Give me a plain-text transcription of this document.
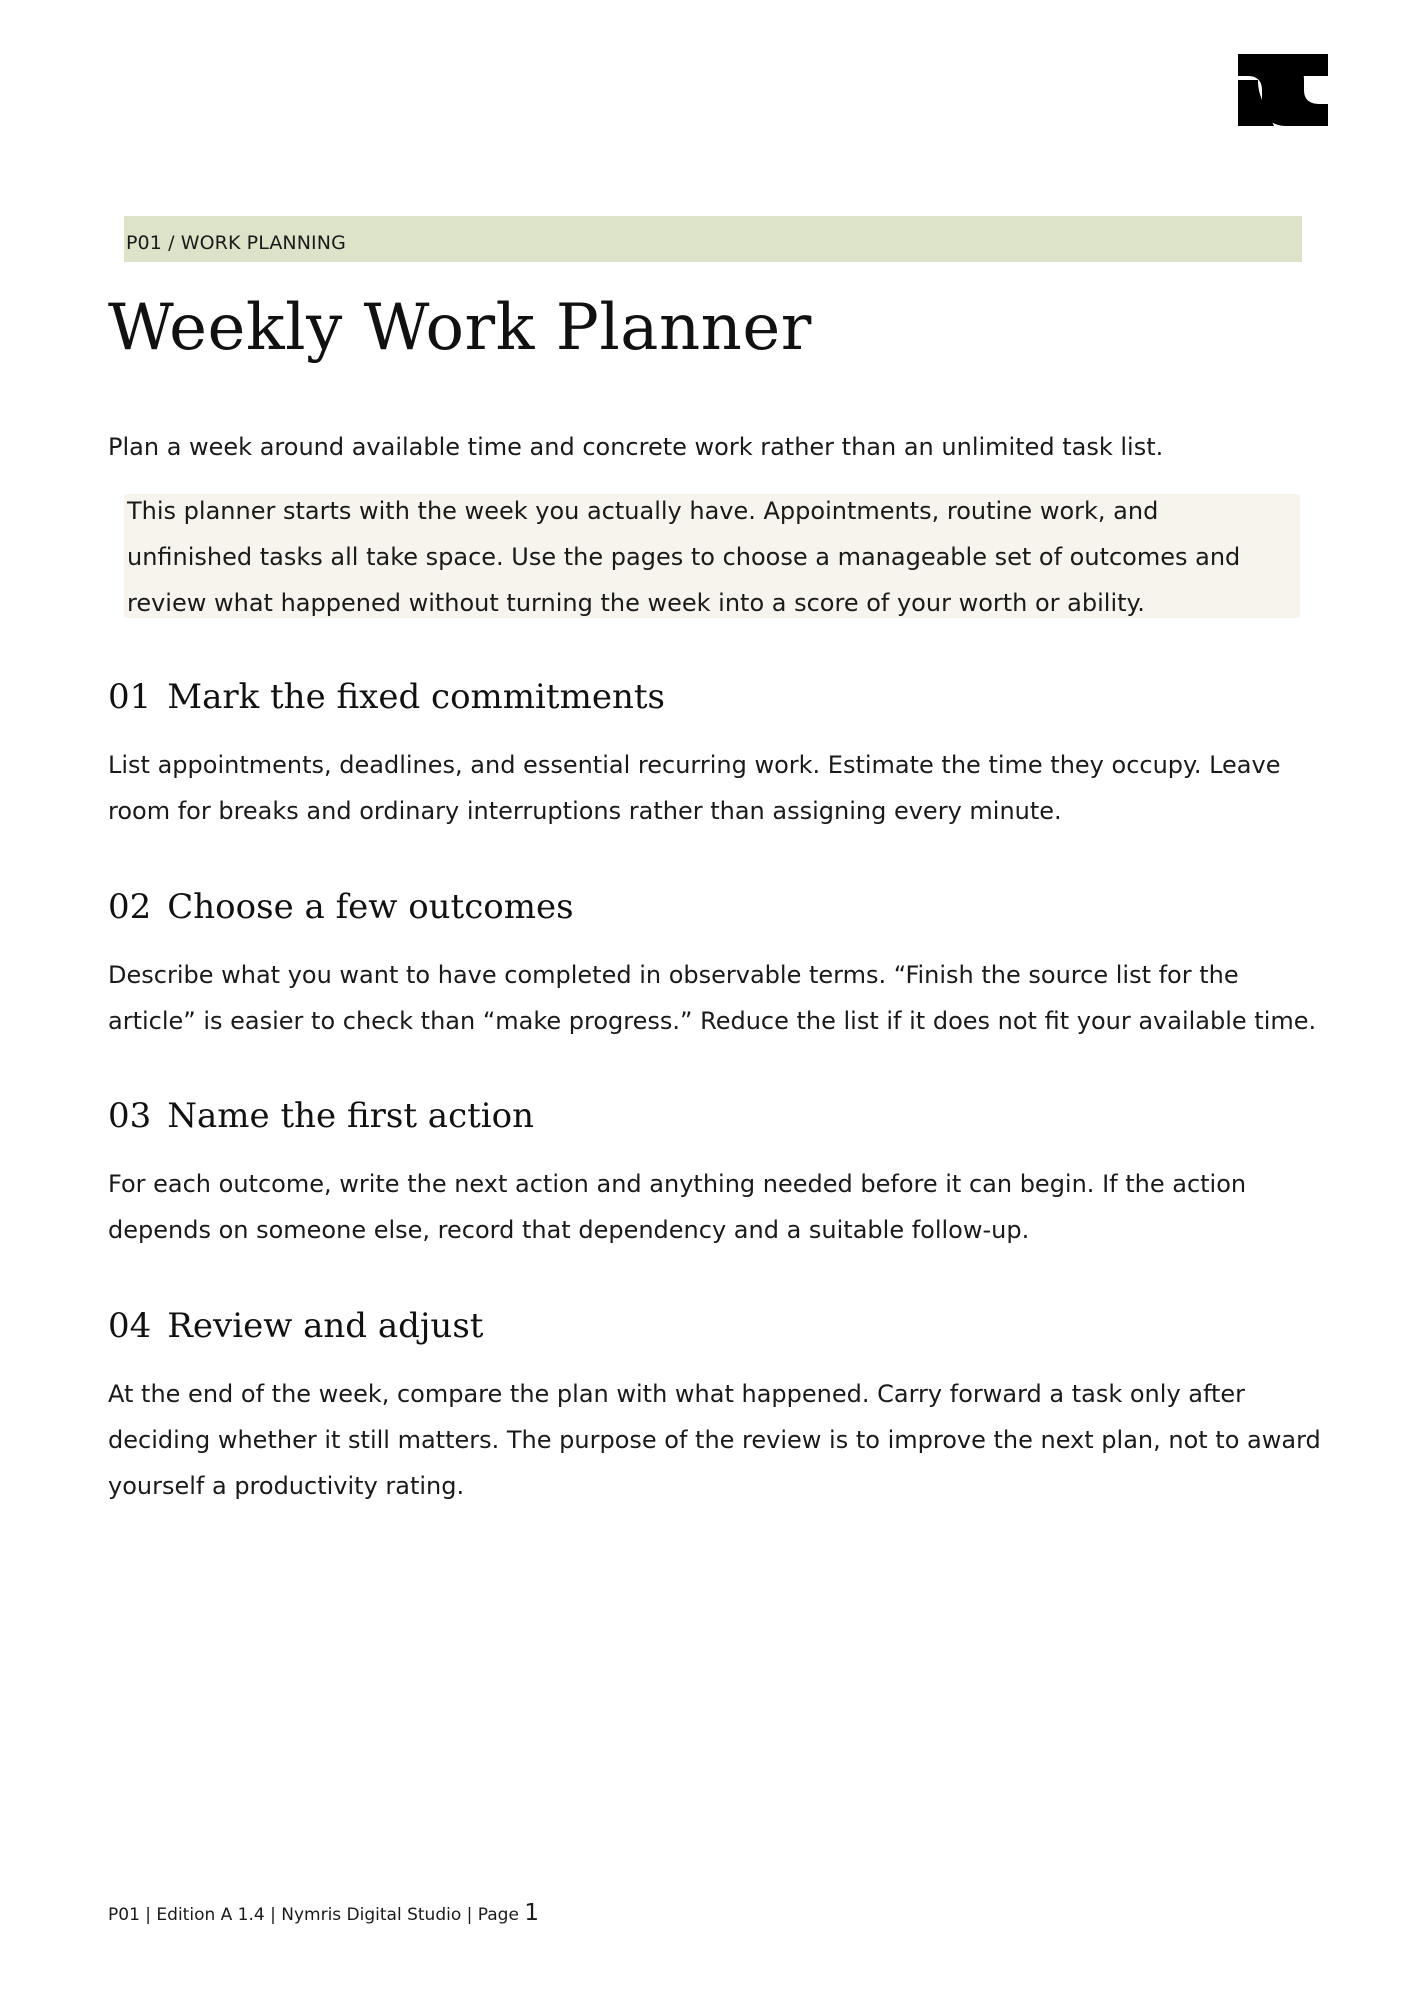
P01 / WORK PLANNING
Weekly Work Planner

Plan a week around available time and concrete work rather than an unlimited task list.

This planner starts with the week you actually have. Appointments, routine work, and unfinished tasks all take space. Use the pages to choose a manageable set of outcomes and review what happened without turning the week into a score of your worth or ability.

01 Mark the fixed commitments

List appointments, deadlines, and essential recurring work. Estimate the time they occupy. Leave room for breaks and ordinary interruptions rather than assigning every minute.

02 Choose a few outcomes

Describe what you want to have completed in observable terms. “Finish the source list for the article” is easier to check than “make progress.” Reduce the list if it does not fit your available time.

03 Name the first action

For each outcome, write the next action and anything needed before it can begin. If the action depends on someone else, record that dependency and a suitable follow-up.

04 Review and adjust

At the end of the week, compare the plan with what happened. Carry forward a task only after deciding whether it still matters. The purpose of the review is to improve the next plan, not to award yourself a productivity rating.

P01 | Edition A 1.4 | Nymris Digital Studio | Page 1
